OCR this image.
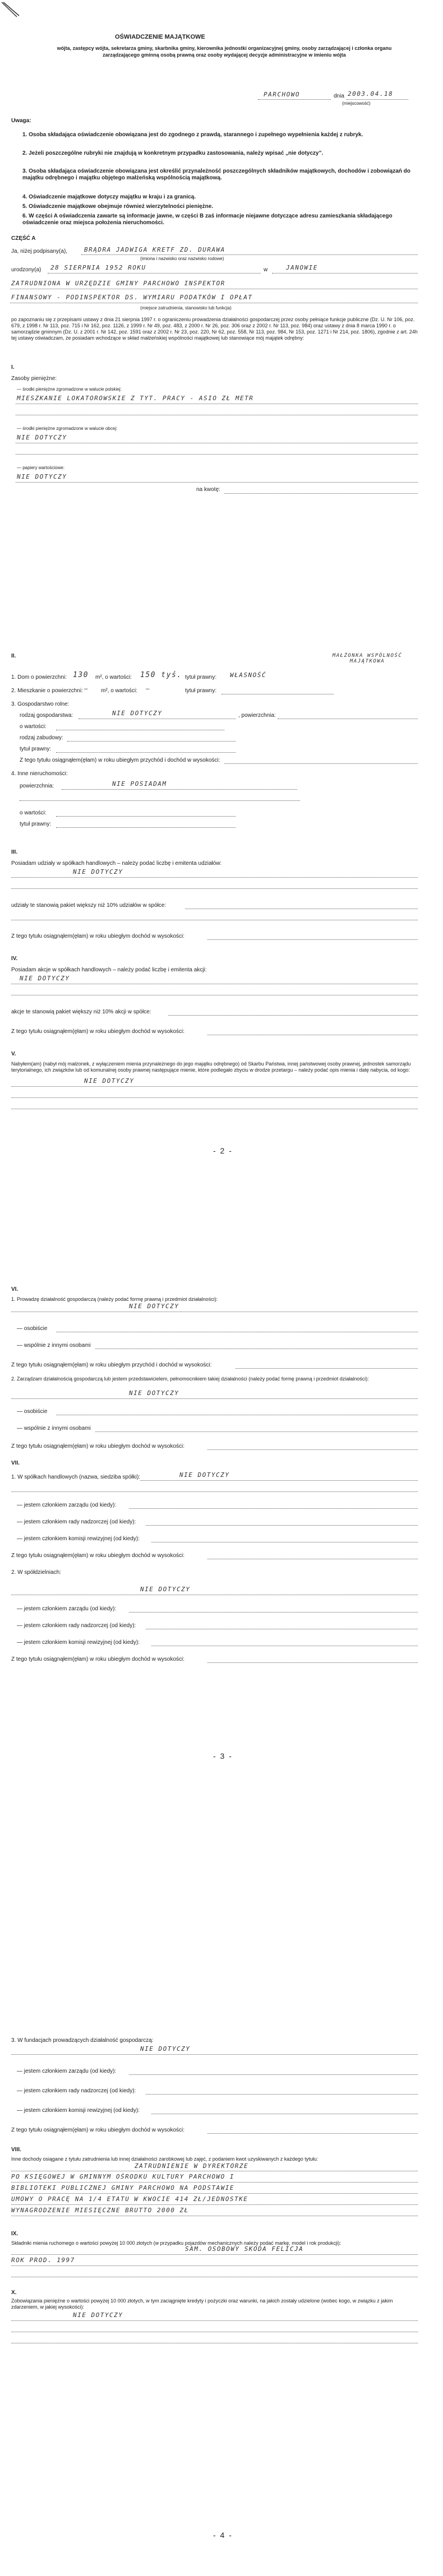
OŚWIADCZENIE MAJĄTKOWE
wójta, zastępcy wójta, sekretarza gminy, skarbnika gminy, kierownika jednostki organizacyjnej gminy, osoby zarządzającej i członka organu zarządzającego gminną osobą prawną oraz osoby wydającej decyzje administracyjne w imieniu wójta
PARCHOWO	dnia 2003.04.18
(miejscowość)
Uwaga:
1. Osoba składająca oświadczenie obowiązana jest do zgodnego z prawdą, starannego i zupełnego wypełnienia każdej z rubryk.
2. Jeżeli poszczególne rubryki nie znajdują w konkretnym przypadku zastosowania, należy wpisać „nie dotyczy”.
3. Osoba składająca oświadczenie obowiązana jest określić przynależność poszczególnych składników majątkowych, dochodów i zobowiązań do majątku odrębnego i majątku objętego małżeńską wspólnością majątkową.
4. Oświadczenie majątkowe dotyczy majątku w kraju i za granicą.
5. Oświadczenie majątkowe obejmuje również wierzytelności pieniężne.
6. W części A oświadczenia zawarte są informacje jawne, w części B zaś informacje niejawne dotyczące adresu zamieszkania składającego oświadczenie oraz miejsca położenia nieruchomości.
CZĘŚĆ A
Ja, niżej podpisany(a),	BRĄDRA JADWIGA KRETF ZD. DURAWA
(imiona i nazwisko oraz nazwisko rodowe)
urodzony(a) 28 SIERPNIA 1952 ROKU	w	JANOWIE
ZATRUDNIONA W URZĘDZIE GMINY PARCHOWO INSPEKTOR
FINANSOWY - PODINSPEKTOR DS. WYMIARU PODATKÓW I OPŁAT
(miejsce zatrudnienia, stanowisko lub funkcja)
po zapoznaniu się z przepisami ustawy z dnia 21 sierpnia 1997 r. o ograniczeniu prowadzenia działalności gospodarczej przez osoby pełniące funkcje publiczne (Dz. U. Nr 106, poz. 679, z 1998 r. Nr 113, poz. 715 i Nr 162, poz. 1126, z 1999 r. Nr 49, poz. 483, z 2000 r. Nr 26, poz. 306 oraz z 2002 r. Nr 113, poz. 984) oraz ustawy z dnia 8 marca 1990 r. o samorządzie gminnym (Dz. U. z 2001 r. Nr 142, poz. 1591 oraz z 2002 r. Nr 23, poz. 220, Nr 62, poz. 558, Nr 113, poz. 984, Nr 153, poz. 1271 i Nr 214, poz. 1806), zgodnie z art. 24h tej ustawy oświadczam, że posiadam wchodzące w skład małżeńskiej wspólności majątkowej lub stanowiące mój majątek odrębny:
I.
Zasoby pieniężne:
— środki pieniężne zgromadzone w walucie polskiej:
MIESZKANIE LOKATOROWSKIE Z TYT. PRACY - ASIO ZŁ METR
— środki pieniężne zgromadzone w walucie obcej:
NIE DOTYCZY
— papiery wartościowe:
NIE DOTYCZY
na kwotę:
II.	MAŁŻONKA WSPÓLNOŚĆ MAJĄTKOWA
1. Dom o powierzchni: 130 m², o wartości: 150 tyś. tytuł prawny: WŁASNOŚĆ
2. Mieszkanie o powierzchni: — m², o wartości: —	tytuł prawny:
3. Gospodarstwo rolne:
rodzaj gospodarstwa:	NIE DOTYCZY	, powierzchnia:
o wartości:
rodzaj zabudowy:
tytuł prawny:
Z tego tytułu osiągnąłem(ęłam) w roku ubiegłym przychód i dochód w wysokości:
4. Inne nieruchomości:
powierzchnia:	NIE POSIADAM
o wartości:
tytuł prawny:
III.
Posiadam udziały w spółkach handlowych – należy podać liczbę i emitenta udziałów:
NIE DOTYCZY
udziały te stanowią pakiet większy niż 10% udziałów w spółce:
Z tego tytułu osiągnąłem(ęłam) w roku ubiegłym dochód w wysokości:
IV.
Posiadam akcje w spółkach handlowych – należy podać liczbę i emitenta akcji:
NIE DOTYCZY
akcje te stanowią pakiet większy niż 10% akcji w spółce:
Z tego tytułu osiągnąłem(ęłam) w roku ubiegłym dochód w wysokości:
V.
Nabyłem(am) (nabył mój małżonek, z wyłączeniem mienia przynależnego do jego majątku odrębnego) od Skarbu Państwa, innej państwowej osoby prawnej, jednostek samorządu terytorialnego, ich związków lub od komunalnej osoby prawnej następujące mienie, które podlegało zbyciu w drodze przetargu – należy podać opis mienia i datę nabycia, od kogo:
NIE DOTYCZY
- 2 -
VI.
1. Prowadzę działalność gospodarczą (należy podać formę prawną i przedmiot działalności):
NIE DOTYCZY
— osobiście
— wspólnie z innymi osobami
Z tego tytułu osiągnąłem(ęłam) w roku ubiegłym przychód i dochód w wysokości:
2. Zarządzam działalnością gospodarczą lub jestem przedstawicielem, pełnomocnikiem takiej działalności (należy podać formę prawną i przedmiot działalności):
NIE DOTYCZY
— osobiście
— wspólnie z innymi osobami
Z tego tytułu osiągnąłem(ęłam) w roku ubiegłym dochód w wysokości:
VII.
1. W spółkach handlowych (nazwa, siedziba spółki):	NIE DOTYCZY
— jestem członkiem zarządu (od kiedy):
— jestem członkiem rady nadzorczej (od kiedy):
— jestem członkiem komisji rewizyjnej (od kiedy):
Z tego tytułu osiągnąłem(ęłam) w roku ubiegłym dochód w wysokości:
2. W spółdzielniach:
NIE DOTYCZY
— jestem członkiem zarządu (od kiedy):
— jestem członkiem rady nadzorczej (od kiedy):
— jestem członkiem komisji rewizyjnej (od kiedy):
Z tego tytułu osiągnąłem(ęłam) w roku ubiegłym dochód w wysokości:
- 3 -
3. W fundacjach prowadzących działalność gospodarczą:
NIE DOTYCZY
— jestem członkiem zarządu (od kiedy):
— jestem członkiem rady nadzorczej (od kiedy):
— jestem członkiem komisji rewizyjnej (od kiedy):
Z tego tytułu osiągnąłem(ęłam) w roku ubiegłym dochód w wysokości:
VIII.
Inne dochody osiągane z tytułu zatrudnienia lub innej działalności zarobkowej lub zajęć, z podaniem kwot uzyskiwanych z każdego tytułu:
ZATRUDNIENIE W DYREKTORZE
PO KSIĘGOWEJ W GMINNYM OŚRODKU KULTURY PARCHOWO I
BIBLIOTEKI PUBLICZNEJ GMINY PARCHOWO NA PODSTAWIE
UMOWY O PRACĘ NA 1/4 ETATU W KWOCIE 414 ZŁ/JEDNOSTKE
WYNAGRODZENIE MIESIĘCZNE BRUTTO 2000 ZŁ
IX.
Składniki mienia ruchomego o wartości powyżej 10 000 złotych (w przypadku pojazdów mechanicznych należy podać markę, model i rok produkcji):
SAM. OSOBOWY SKODA FELICJA
ROK PROD. 1997
X.
Zobowiązania pieniężne o wartości powyżej 10 000 złotych, w tym zaciągnięte kredyty i pożyczki oraz warunki, na jakich zostały udzielone (wobec kogo, w związku z jakim zdarzeniem, w jakiej wysokości):
NIE DOTYCZY
- 4 -
